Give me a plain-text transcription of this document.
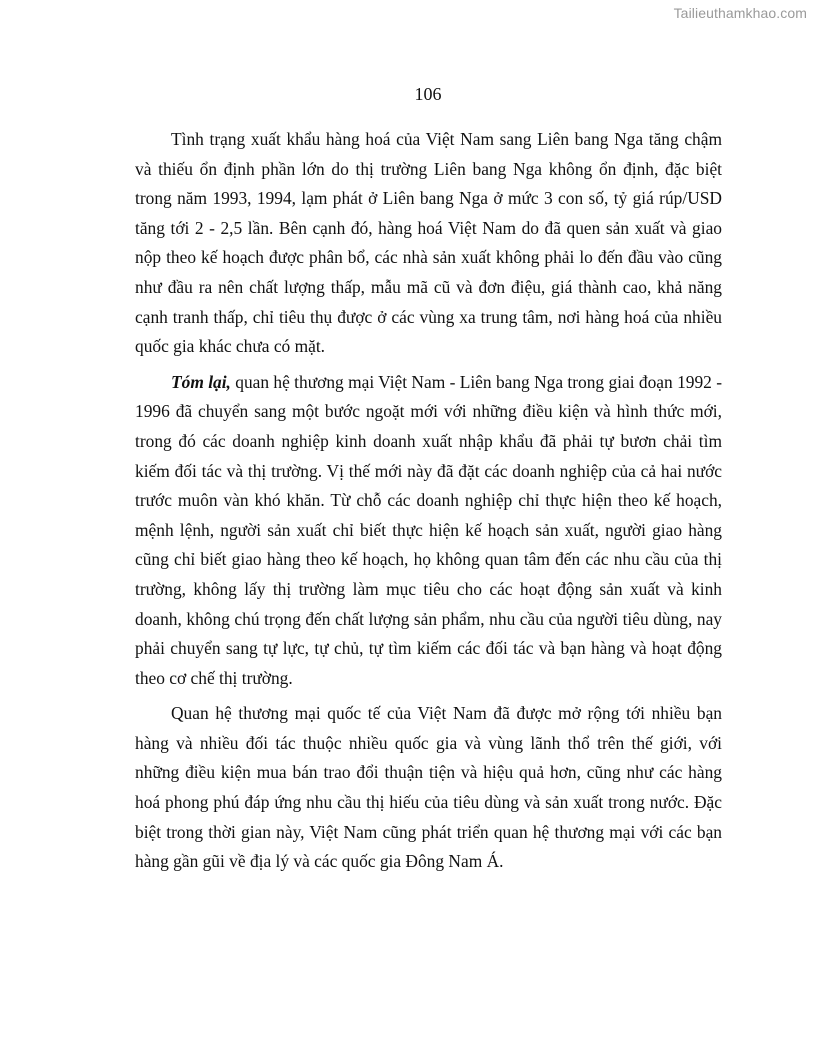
Tailieuthamkhao.com
106

Tình trạng xuất khẩu hàng hoá của Việt Nam sang Liên bang Nga tăng chậm và thiếu ổn định phần lớn do thị trường Liên bang Nga không ổn định, đặc biệt trong năm 1993, 1994, lạm phát ở Liên bang Nga ở mức 3 con số, tỷ giá rúp/USD tăng tới 2 - 2,5 lần. Bên cạnh đó, hàng hoá Việt Nam do đã quen sản xuất và giao nộp theo kế hoạch được phân bổ, các nhà sản xuất không phải lo đến đầu vào cũng như đầu ra nên chất lượng thấp, mẫu mã cũ và đơn điệu, giá thành cao, khả năng cạnh tranh thấp, chỉ tiêu thụ được ở các vùng xa trung tâm, nơi hàng hoá của nhiều quốc gia khác chưa có mặt.

Tóm lại, quan hệ thương mại Việt Nam - Liên bang Nga trong giai đoạn 1992 - 1996 đã chuyển sang một bước ngoặt mới với những điều kiện và hình thức mới, trong đó các doanh nghiệp kinh doanh xuất nhập khẩu đã phải tự bươn chải tìm kiếm đối tác và thị trường. Vị thế mới này đã đặt các doanh nghiệp của cả hai nước trước muôn vàn khó khăn. Từ chỗ các doanh nghiệp chỉ thực hiện theo kế hoạch, mệnh lệnh, người sản xuất chỉ biết thực hiện kế hoạch sản xuất, người giao hàng cũng chỉ biết giao hàng theo kế hoạch, họ không quan tâm đến các nhu cầu của thị trường, không lấy thị trường làm mục tiêu cho các hoạt động sản xuất và kinh doanh, không chú trọng đến chất lượng sản phẩm, nhu cầu của người tiêu dùng, nay phải chuyển sang tự lực, tự chủ, tự tìm kiếm các đối tác và bạn hàng và hoạt động theo cơ chế thị trường.

Quan hệ thương mại quốc tế của Việt Nam đã được mở rộng tới nhiều bạn hàng và nhiều đối tác thuộc nhiều quốc gia và vùng lãnh thổ trên thế giới, với những điều kiện mua bán trao đổi thuận tiện và hiệu quả hơn, cũng như các hàng hoá phong phú đáp ứng nhu cầu thị hiếu của tiêu dùng và sản xuất trong nước. Đặc biệt trong thời gian này, Việt Nam cũng phát triển quan hệ thương mại với các bạn hàng gần gũi về địa lý và các quốc gia Đông Nam Á.
